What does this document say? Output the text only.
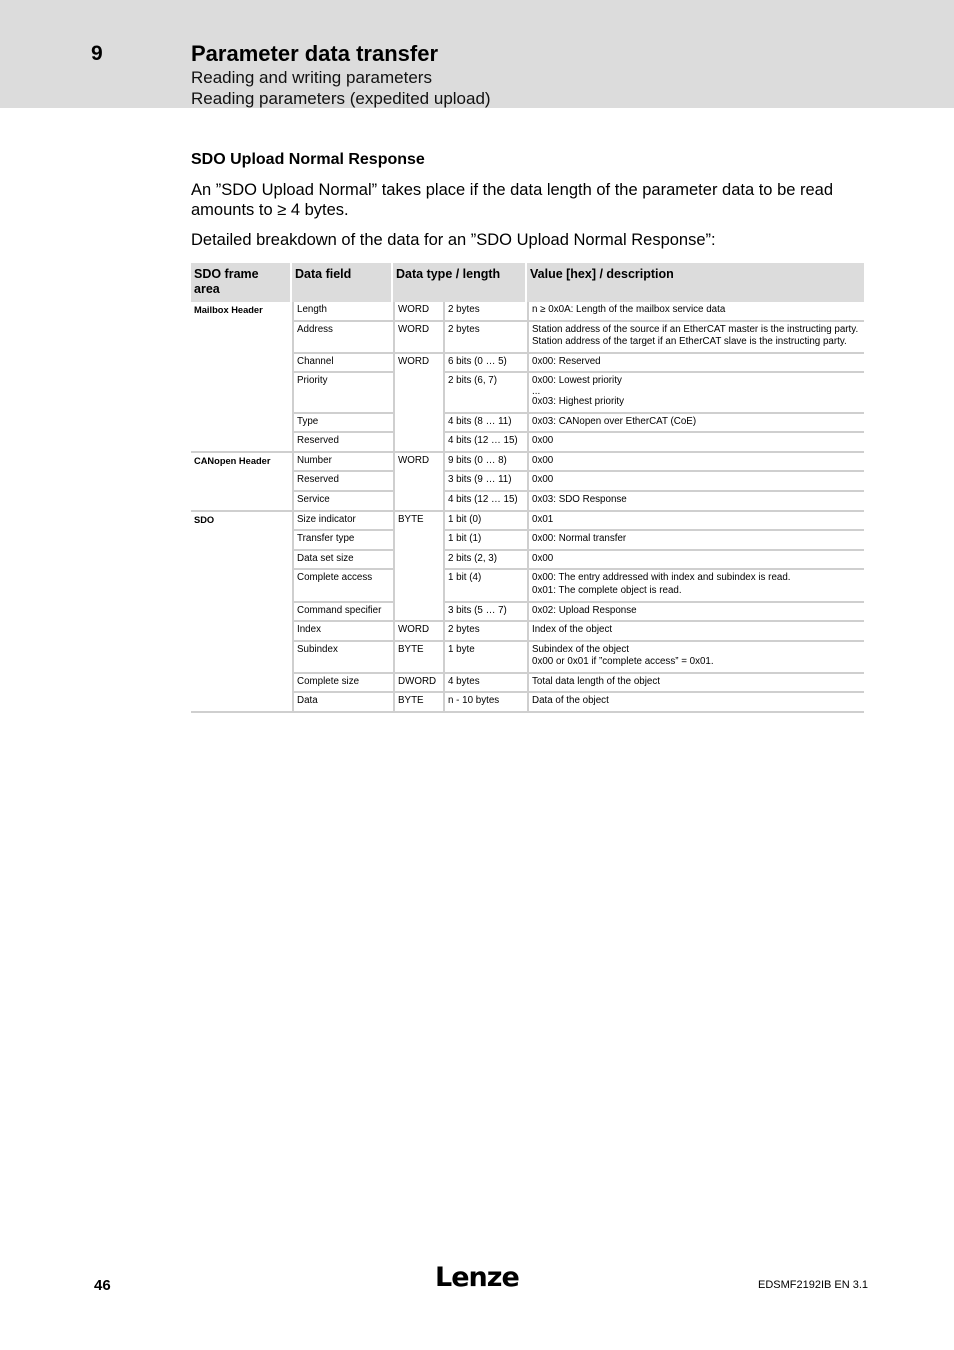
9	Parameter data transfer
Reading and writing parameters
Reading parameters (expedited upload)
SDO Upload Normal Response
An ”SDO Upload Normal” takes place if the data length of the parameter data to be read amounts to ≥ 4 bytes.
Detailed breakdown of the data for an ”SDO Upload Normal Response”:
SDO frame area	Data field	Data type / length		Value [hex] / description
Mailbox Header	Length	WORD	2 bytes	n ≥ 0x0A: Length of the mailbox service data

	Address	WORD	2 bytes	Station address of the source if an EtherCAT master is the instructing party.
Station address of the target if an EtherCAT slave is the instructing party.

	Channel	WORD	6 bits (0 … 5)	0x00: Reserved

	Priority		2 bits (6, 7)	0x00: Lowest priority
...
0x03: Highest priority

	Type		4 bits (8 … 11)	0x03: CANopen over EtherCAT (CoE)

	Reserved		4 bits (12 … 15)	0x00

CANopen Header	Number	WORD	9 bits (0 … 8)	0x00

	Reserved		3 bits (9 … 11)	0x00

	Service		4 bits (12 … 15)	0x03: SDO Response

SDO	Size indicator	BYTE	1 bit (0)	0x01

	Transfer type		1 bit (1)	0x00: Normal transfer

	Data set size		2 bits (2, 3)	0x00

	Complete access		1 bit (4)	0x00: The entry addressed with index and subindex is read.
0x01: The complete object is read.

	Command specifier		3 bits (5 … 7)	0x02: Upload Response

	Index	WORD	2 bytes	Index of the object

	Subindex	BYTE	1 byte	Subindex of the object
0x00 or 0x01 if ”complete access” = 0x01.

	Complete size	DWORD	4 bytes	Total data length of the object

	Data	BYTE	n - 10 bytes	Data of the object
46	Lenze	EDSMF2192IB EN 3.1
